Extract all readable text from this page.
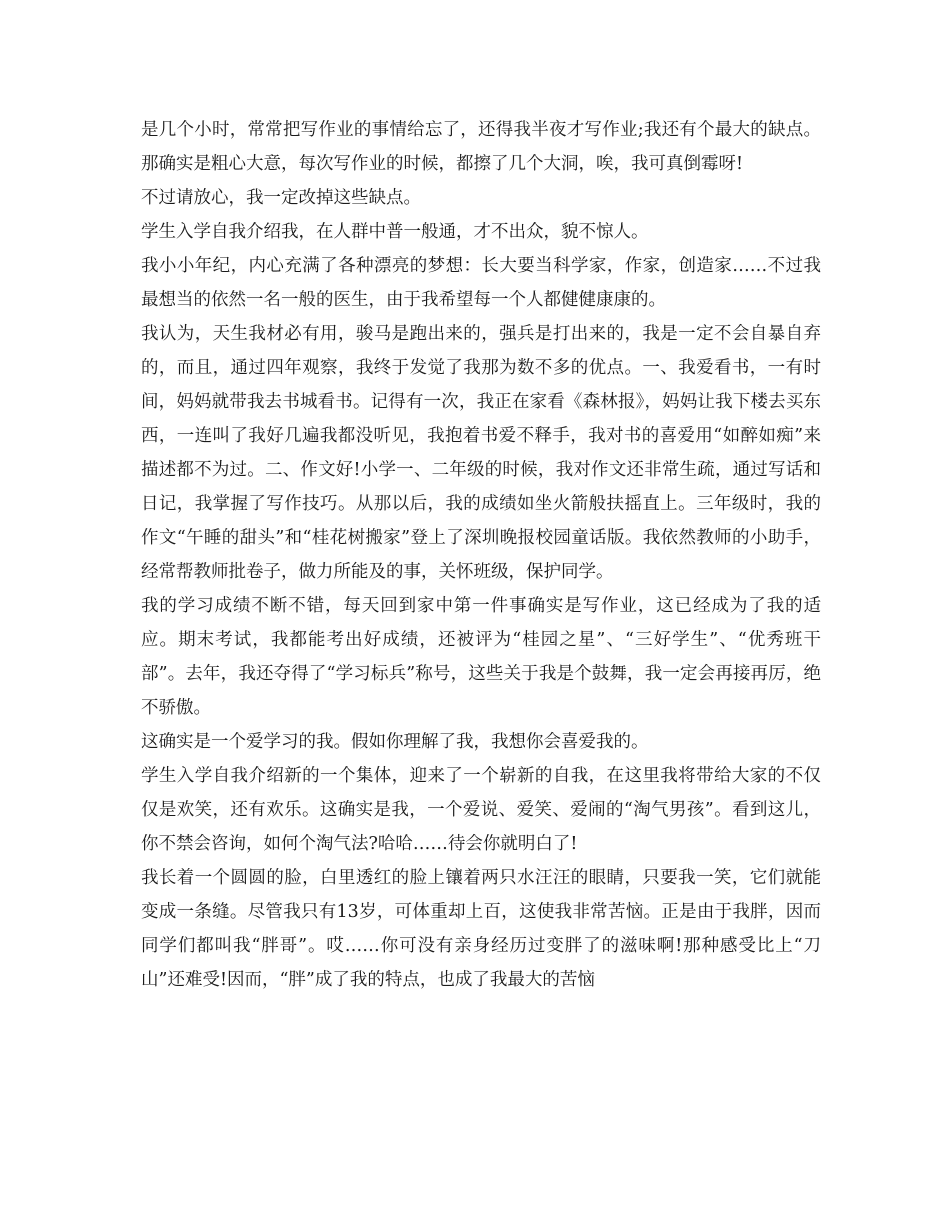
是几个小时，常常把写作业的事情给忘了，还得我半夜才写作业;我还有个最大的缺点。那确实是粗心大意，每次写作业的时候，都擦了几个大洞，唉，我可真倒霉呀!

不过请放心，我一定改掉这些缺点。

学生入学自我介绍我，在人群中普一般通，才不出众，貌不惊人。

我小小年纪，内心充满了各种漂亮的梦想：长大要当科学家，作家，创造家……不过我最想当的依然一名一般的医生，由于我希望每一个人都健健康康的。

我认为，天生我材必有用，骏马是跑出来的，强兵是打出来的，我是一定不会自暴自弃的，而且，通过四年观察，我终于发觉了我那为数不多的优点。一、我爱看书，一有时间，妈妈就带我去书城看书。记得有一次，我正在家看《森林报》，妈妈让我下楼去买东西，一连叫了我好几遍我都没听见，我抱着书爱不释手，我对书的喜爱用“如醉如痴”来描述都不为过。二、作文好!小学一、二年级的时候，我对作文还非常生疏，通过写话和日记，我掌握了写作技巧。从那以后，我的成绩如坐火箭般扶摇直上。三年级时，我的作文“午睡的甜头”和“桂花树搬家”登上了深圳晚报校园童话版。我依然教师的小助手，经常帮教师批卷子，做力所能及的事，关怀班级，保护同学。

我的学习成绩不断不错，每天回到家中第一件事确实是写作业，这已经成为了我的适应。期末考试，我都能考出好成绩，还被评为“桂园之星”、“三好学生”、“优秀班干部”。去年，我还夺得了“学习标兵”称号，这些关于我是个鼓舞，我一定会再接再厉，绝不骄傲。

这确实是一个爱学习的我。假如你理解了我，我想你会喜爱我的。

学生入学自我介绍新的一个集体，迎来了一个崭新的自我，在这里我将带给大家的不仅仅是欢笑，还有欢乐。这确实是我，一个爱说、爱笑、爱闹的“淘气男孩”。看到这儿，你不禁会咨询，如何个淘气法?哈哈……待会你就明白了!

我长着一个圆圆的脸，白里透红的脸上镶着两只水汪汪的眼睛，只要我一笑，它们就能变成一条缝。尽管我只有13岁，可体重却上百，这使我非常苦恼。正是由于我胖，因而同学们都叫我“胖哥”。哎……你可没有亲身经历过变胖了的滋味啊!那种感受比上“刀山”还难受!因而，“胖”成了我的特点，也成了我最大的苦恼
